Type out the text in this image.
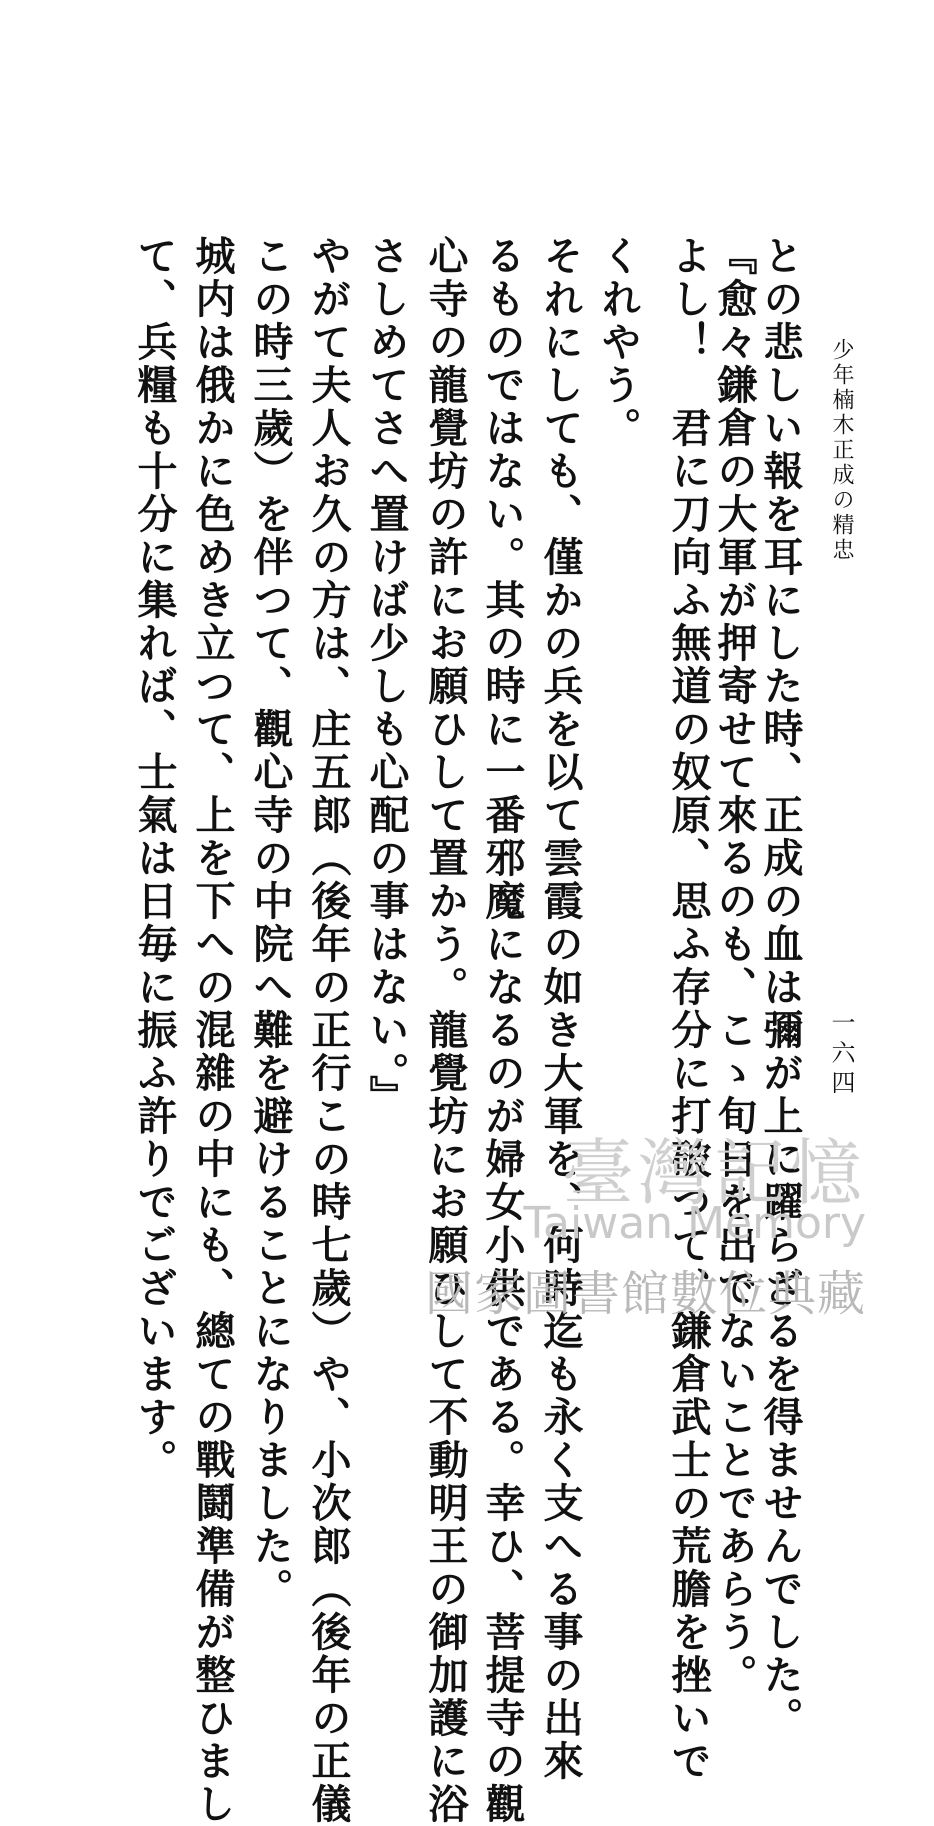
少年楠木正成の精忠
一六四
との悲しい報を耳にした時、正成の血は彌が上に躍らざるを得ませんでした。
『愈々鎌倉の大軍が押寄せて來るのも、こゝ旬日を出でないことであらう。
よし！　君に刀向ふ無道の奴原、思ふ存分に打破つて、鎌倉武士の荒膽を挫いで
くれやう。
それにしても、僅かの兵を以て雲霞の如き大軍を、何時迄も永く支へる事の出來
るものではない。其の時に一番邪魔になるのが婦女小供である。幸ひ、菩提寺の觀
心寺の龍覺坊の許にお願ひして置かう。龍覺坊にお願ひして不動明王の御加護に浴
さしめてさへ置けば少しも心配の事はない。』
やがて夫人お久の方は、庄五郎（後年の正行この時七歲）や、小次郎（後年の正儀
この時三歲）を伴つて、觀心寺の中院へ難を避けることになりました。
城内は俄かに色めき立つて、上を下への混雜の中にも、總ての戰鬪準備が整ひまし
て、兵糧も十分に集れば、士氣は日毎に振ふ許りでございます。	臺灣記憶
Taiwan Memory
國家圖書館數位典藏
